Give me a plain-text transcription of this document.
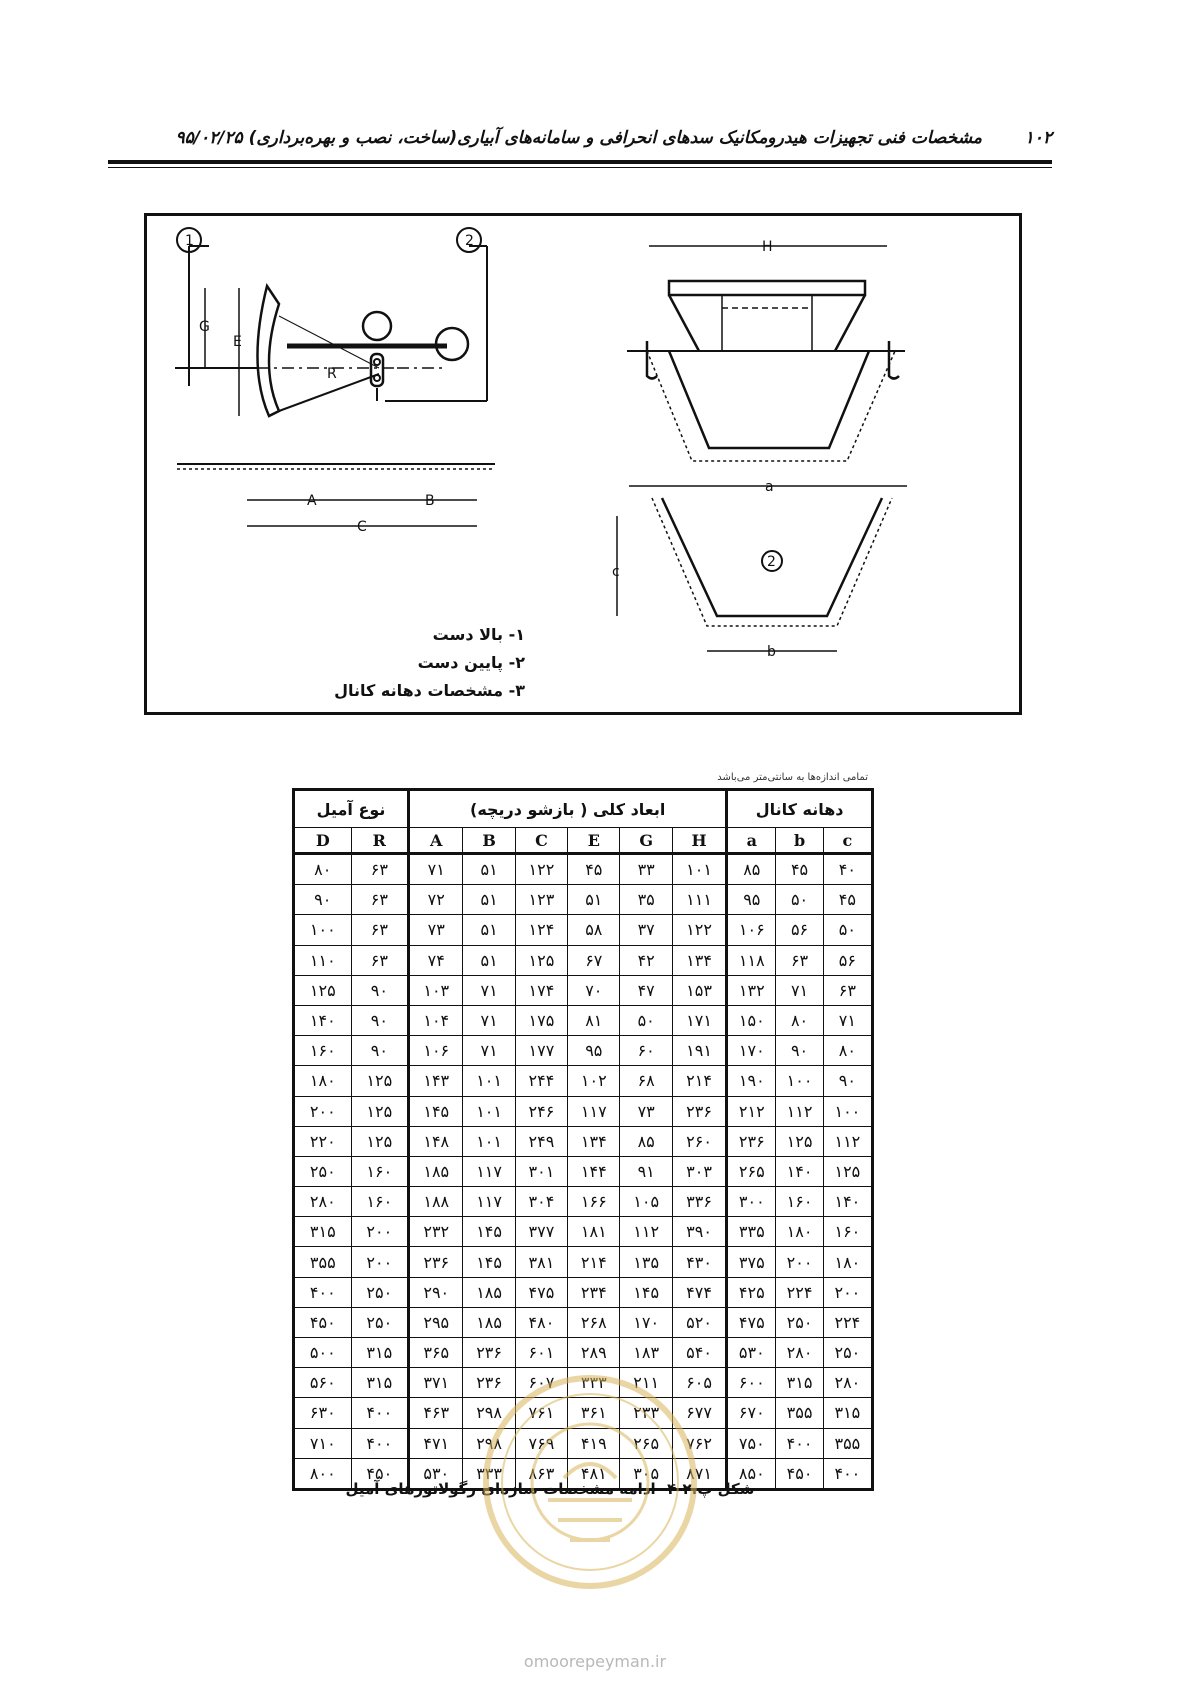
۱۰۲
مشخصات فنی تجهیزات هیدرومکانیک سدهای انحرافی و سامانه‌های آبیاری(ساخت، نصب و بهره‌برداری) ۹۵/۰۲/۲۵
1	2
2
G
E
R
A	B
C
H
a
b
c
۱- بالا دست
۲- پایین دست
۳- مشخصات دهانه کانال
تمامی اندازه‌ها به سانتی‌متر می‌باشد
نوع آمیل		ابعاد کلی ( بازشو دریچه)						دهانه کانال		
D	R	A	B	C	E	G	H	a	b	c
۸۰	۶۳	۷۱	۵۱	۱۲۲	۴۵	۳۳	۱۰۱	۸۵	۴۵	۴۰
۹۰	۶۳	۷۲	۵۱	۱۲۳	۵۱	۳۵	۱۱۱	۹۵	۵۰	۴۵
۱۰۰	۶۳	۷۳	۵۱	۱۲۴	۵۸	۳۷	۱۲۲	۱۰۶	۵۶	۵۰
۱۱۰	۶۳	۷۴	۵۱	۱۲۵	۶۷	۴۲	۱۳۴	۱۱۸	۶۳	۵۶
۱۲۵	۹۰	۱۰۳	۷۱	۱۷۴	۷۰	۴۷	۱۵۳	۱۳۲	۷۱	۶۳
۱۴۰	۹۰	۱۰۴	۷۱	۱۷۵	۸۱	۵۰	۱۷۱	۱۵۰	۸۰	۷۱
۱۶۰	۹۰	۱۰۶	۷۱	۱۷۷	۹۵	۶۰	۱۹۱	۱۷۰	۹۰	۸۰
۱۸۰	۱۲۵	۱۴۳	۱۰۱	۲۴۴	۱۰۲	۶۸	۲۱۴	۱۹۰	۱۰۰	۹۰
۲۰۰	۱۲۵	۱۴۵	۱۰۱	۲۴۶	۱۱۷	۷۳	۲۳۶	۲۱۲	۱۱۲	۱۰۰
۲۲۰	۱۲۵	۱۴۸	۱۰۱	۲۴۹	۱۳۴	۸۵	۲۶۰	۲۳۶	۱۲۵	۱۱۲
۲۵۰	۱۶۰	۱۸۵	۱۱۷	۳۰۱	۱۴۴	۹۱	۳۰۳	۲۶۵	۱۴۰	۱۲۵
۲۸۰	۱۶۰	۱۸۸	۱۱۷	۳۰۴	۱۶۶	۱۰۵	۳۳۶	۳۰۰	۱۶۰	۱۴۰
۳۱۵	۲۰۰	۲۳۲	۱۴۵	۳۷۷	۱۸۱	۱۱۲	۳۹۰	۳۳۵	۱۸۰	۱۶۰
۳۵۵	۲۰۰	۲۳۶	۱۴۵	۳۸۱	۲۱۴	۱۳۵	۴۳۰	۳۷۵	۲۰۰	۱۸۰
۴۰۰	۲۵۰	۲۹۰	۱۸۵	۴۷۵	۲۳۴	۱۴۵	۴۷۴	۴۲۵	۲۲۴	۲۰۰
۴۵۰	۲۵۰	۲۹۵	۱۸۵	۴۸۰	۲۶۸	۱۷۰	۵۲۰	۴۷۵	۲۵۰	۲۲۴
۵۰۰	۳۱۵	۳۶۵	۲۳۶	۶۰۱	۲۸۹	۱۸۳	۵۴۰	۵۳۰	۲۸۰	۲۵۰
۵۶۰	۳۱۵	۳۷۱	۲۳۶	۶۰۷	۳۳۳	۲۱۱	۶۰۵	۶۰۰	۳۱۵	۲۸۰
۶۳۰	۴۰۰	۴۶۳	۲۹۸	۷۶۱	۳۶۱	۲۳۳	۶۷۷	۶۷۰	۳۵۵	۳۱۵
۷۱۰	۴۰۰	۴۷۱	۲۹۸	۷۶۹	۴۱۹	۲۶۵	۷۶۲	۷۵۰	۴۰۰	۳۵۵
۸۰۰	۴۵۰	۵۳۰	۳۳۳	۸۶۳	۴۸۱	۳۰۵	۸۷۱	۸۵۰	۴۵۰	۴۰۰
شکل پ.۲-۴- ادامه مشخصات سازه‌ای رگولاتورهای آمیل
omoorepeyman.ir
